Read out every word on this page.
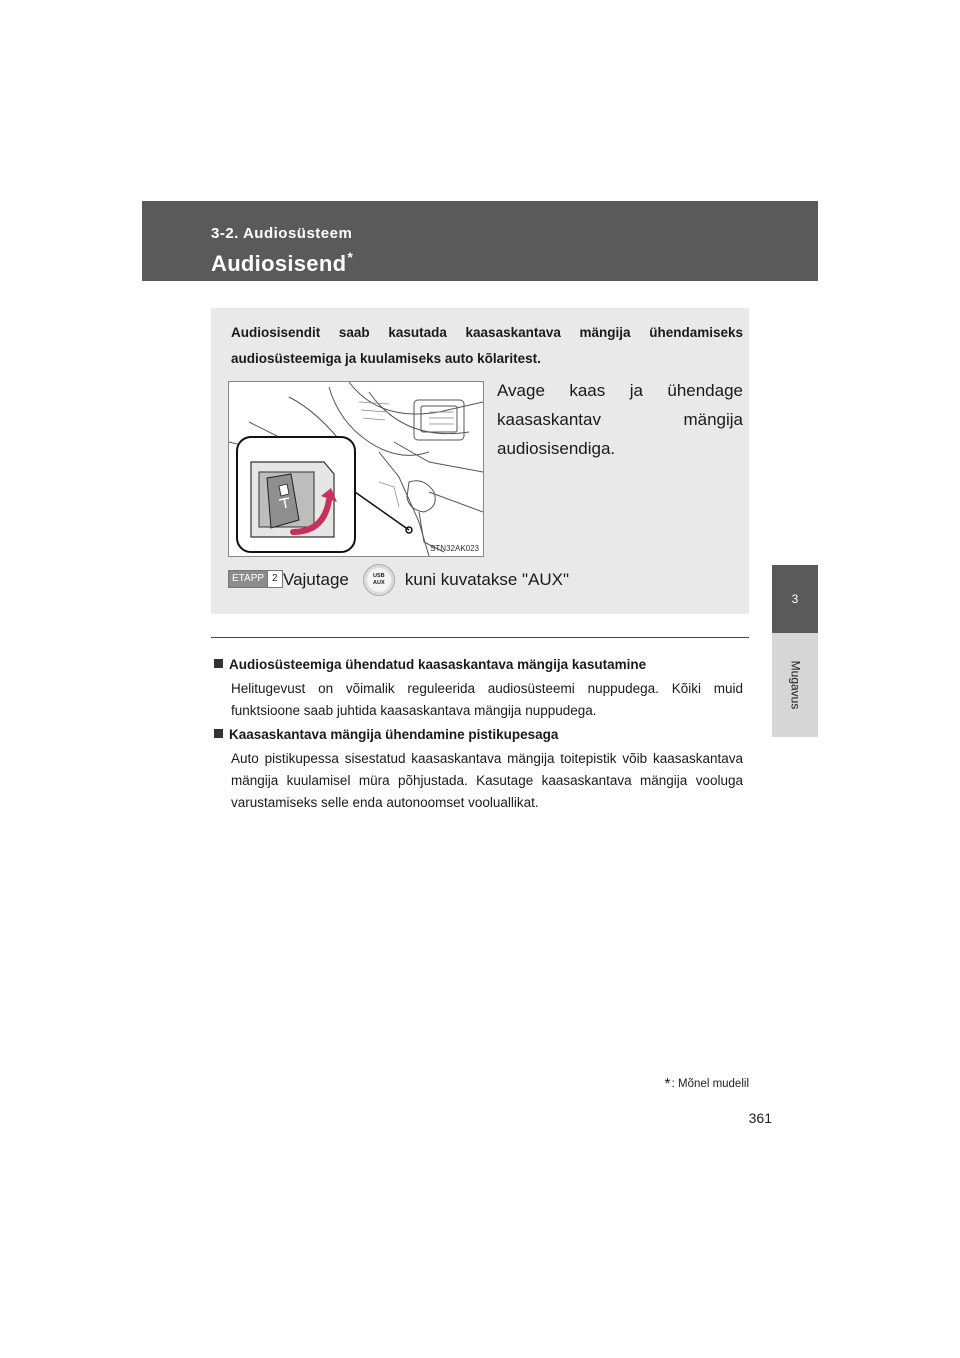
3-2. Audiosüsteem
Audiosisend*
3
Mugavus
Audiosisendit saab kasutada kaasaskantava mängija ühendamiseks audiosüsteemiga ja kuulamiseks auto kõlaritest.
STN32AK023
Avage kaas ja ühendage kaasaskantav mängija audiosisendiga.
ETAPP 2 Vajutage	USB
AUX kuni kuvatakse "AUX"
Audiosüsteemiga ühendatud kaasaskantava mängija kasutamine
Helitugevust on võimalik reguleerida audiosüsteemi nuppudega. Kõiki muid funktsioone saab juhtida kaasaskantava mängija nuppudega.
Kaasaskantava mängija ühendamine pistikupesaga
Auto pistikupessa sisestatud kaasaskantava mängija toitepistik võib kaasaskantava mängija kuulamisel müra põhjustada. Kasutage kaasaskantava mängija vooluga varustamiseks selle enda autonoomset vooluallikat.
*: Mõnel mudelil
361
